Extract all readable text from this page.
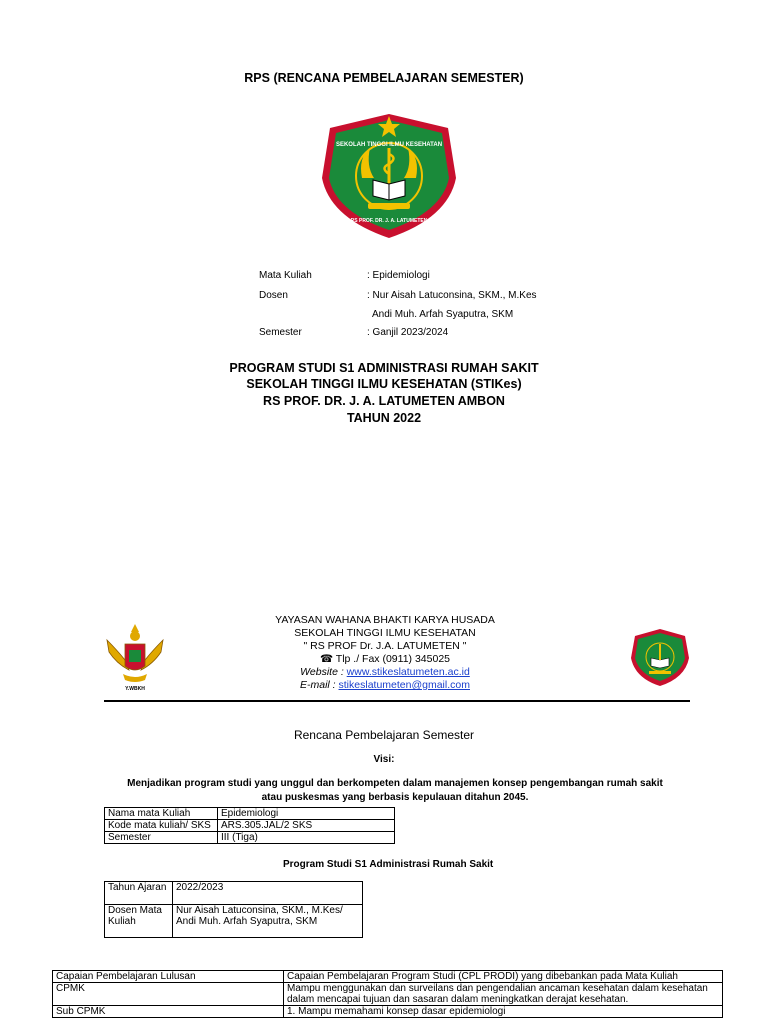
RPS (RENCANA PEMBELAJARAN SEMESTER)
SEKOLAH TINGGI ILMU KESEHATAN
RS PROF. DR. J. A. LATUMETEN
Mata Kuliah	: Epidemiologi
Dosen	: Nur Aisah Latuconsina, SKM., M.Kes
Andi Muh. Arfah Syaputra, SKM
Semester	: Ganjil 2023/2024
PROGRAM STUDI S1 ADMINISTRASI RUMAH SAKIT
SEKOLAH TINGGI ILMU KESEHATAN (STIKes)
RS PROF. DR. J. A. LATUMETEN AMBON
TAHUN 2022
Y.WBKH
YAYASAN WAHANA BHAKTI KARYA HUSADA
SEKOLAH TINGGI ILMU KESEHATAN
" RS PROF Dr. J.A. LATUMETEN "
☎ Tlp ./ Fax (0911) 345025
Website : www.stikeslatumeten.ac.id
E-mail : stikeslatumeten@gmail.com
Rencana Pembelajaran Semester
Visi:
Menjadikan program studi yang unggul dan berkompeten dalam manajemen konsep pengembangan rumah sakit
atau puskesmas yang berbasis kepulauan ditahun 2045.
Nama mata Kuliah	Epidemiologi
Kode mata kuliah/ SKS	ARS.305.JAL/2 SKS
Semester	III (Tiga)
Program Studi S1 Administrasi Rumah Sakit
Tahun Ajaran	2022/2023
Dosen Mata Kuliah	Nur Aisah Latuconsina, SKM., M.Kes/ Andi Muh. Arfah Syaputra, SKM
Capaian Pembelajaran Lulusan	Capaian Pembelajaran Program Studi (CPL PRODI) yang dibebankan pada Mata Kuliah
CPMK	Mampu menggunakan dan surveilans dan pengendalian ancaman kesehatan dalam kesehatan dalam mencapai tujuan dan sasaran dalam meningkatkan derajat kesehatan.
Sub CPMK	1. Mampu memahami konsep dasar epidemiologi
